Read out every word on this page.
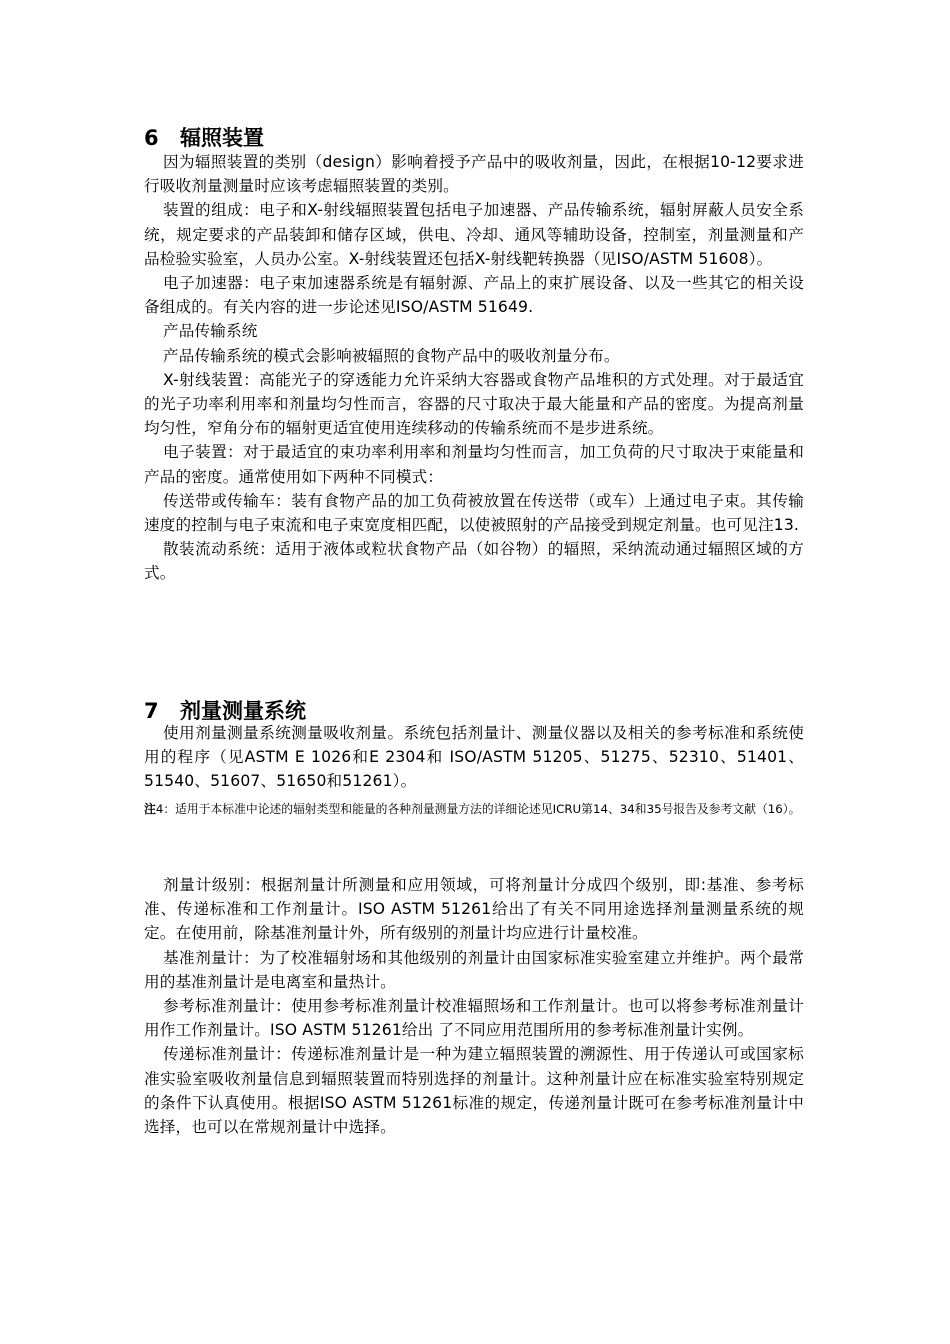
6 辐照装置

因为辐照装置的类别（design）影响着授予产品中的吸收剂量，因此，在根据10-12要求进行吸收剂量测量时应该考虑辐照装置的类别。

装置的组成：电子和X-射线辐照装置包括电子加速器、产品传输系统，辐射屏蔽人员安全系统，规定要求的产品装卸和储存区域，供电、冷却、通风等辅助设备，控制室，剂量测量和产品检验实验室，人员办公室。X-射线装置还包括X-射线靶转换器（见ISO/ASTM 51608）。

电子加速器：电子束加速器系统是有辐射源、产品上的束扩展设备、以及一些其它的相关设备组成的。有关内容的进一步论述见ISO/ASTM 51649.

产品传输系统

产品传输系统的模式会影响被辐照的食物产品中的吸收剂量分布。

X-射线装置：高能光子的穿透能力允许采纳大容器或食物产品堆积的方式处理。对于最适宜的光子功率利用率和剂量均匀性而言，容器的尺寸取决于最大能量和产品的密度。为提高剂量均匀性，窄角分布的辐射更适宜使用连续移动的传输系统而不是步进系统。

电子装置：对于最适宜的束功率利用率和剂量均匀性而言，加工负荷的尺寸取决于束能量和产品的密度。通常使用如下两种不同模式：

传送带或传输车：装有食物产品的加工负荷被放置在传送带（或车）上通过电子束。其传输速度的控制与电子束流和电子束宽度相匹配，以使被照射的产品接受到规定剂量。也可见注13.

散装流动系统：适用于液体或粒状食物产品（如谷物）的辐照，采纳流动通过辐照区域的方式。

7 剂量测量系统

使用剂量测量系统测量吸收剂量。系统包括剂量计、测量仪器以及相关的参考标准和系统使用的程序（见ASTM E 1026和E 2304和 ISO/ASTM 51205、51275、52310、51401、51540、51607、51650和51261）。

注4：适用于本标准中论述的辐射类型和能量的各种剂量测量方法的详细论述见ICRU第14、34和35号报告及参考文献（16）。

剂量计级别：根据剂量计所测量和应用领域，可将剂量计分成四个级别，即:基准、参考标准、传递标准和工作剂量计。ISO ASTM 51261给出了有关不同用途选择剂量测量系统的规定。在使用前，除基准剂量计外，所有级别的剂量计均应进行计量校准。

基准剂量计：为了校准辐射场和其他级别的剂量计由国家标准实验室建立并维护。两个最常用的基准剂量计是电离室和量热计。

参考标准剂量计：使用参考标准剂量计校准辐照场和工作剂量计。也可以将参考标准剂量计用作工作剂量计。ISO ASTM 51261给出 了不同应用范围所用的参考标准剂量计实例。

传递标准剂量计：传递标准剂量计是一种为建立辐照装置的溯源性、用于传递认可或国家标准实验室吸收剂量信息到辐照装置而特别选择的剂量计。这种剂量计应在标准实验室特别规定的条件下认真使用。根据ISO ASTM 51261标准的规定，传递剂量计既可在参考标准剂量计中选择，也可以在常规剂量计中选择。
